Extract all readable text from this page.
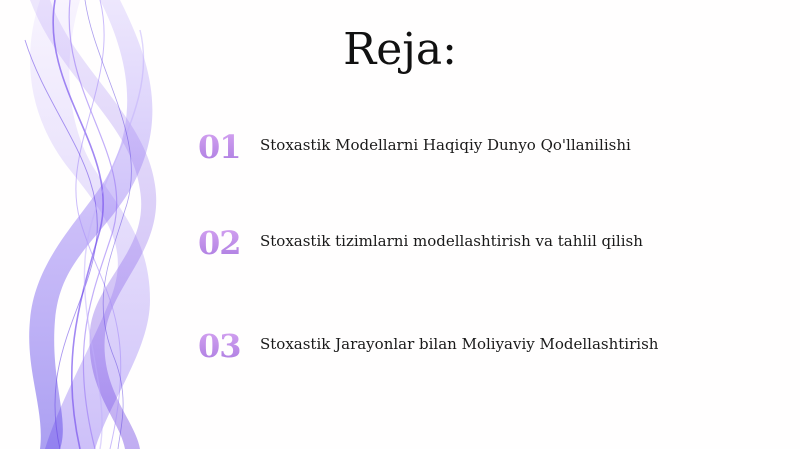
Reja:
01 Stoxastik Modellarni Haqiqiy Dunyo Qo'llanilishi
02 Stoxastik tizimlarni modellashtirish va tahlil qilish
03 Stoxastik Jarayonlar bilan Moliyaviy Modellashtirish
